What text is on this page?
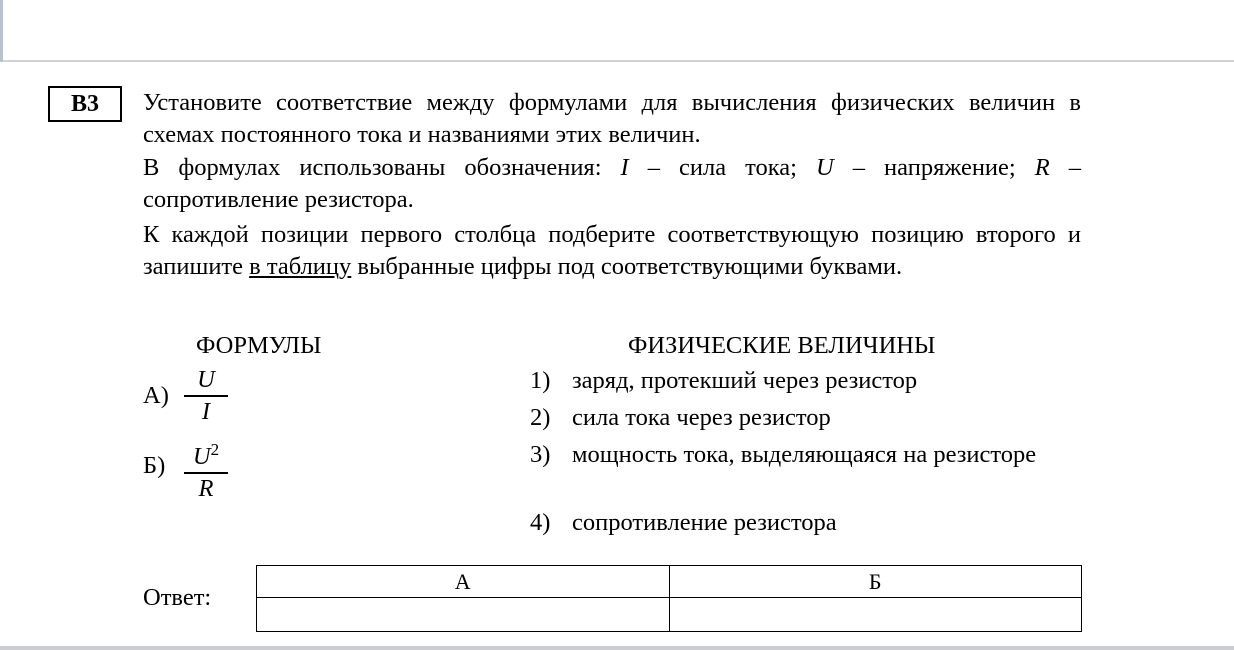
B3	Установите соответствие между формулами для вычисления физических величин в схемах постоянного тока и названиями этих величин.
В формулах использованы обозначения: I – сила тока; U – напряжение; R – сопротивление резистора.
К каждой позиции первого столбца подберите соответствующую позицию второго и запишите в таблицу выбранные цифры под соответствующими буквами.
ФОРМУЛЫ	ФИЗИЧЕСКИЕ ВЕЛИЧИНЫ
А)
U
I
Б)	$U^2$
R
1) заряд, протекший через резистор
2) сила тока через резистор
3) мощность тока, выделяющаяся на резисторе
4) сопротивление резистора
Ответ:
А	Б
